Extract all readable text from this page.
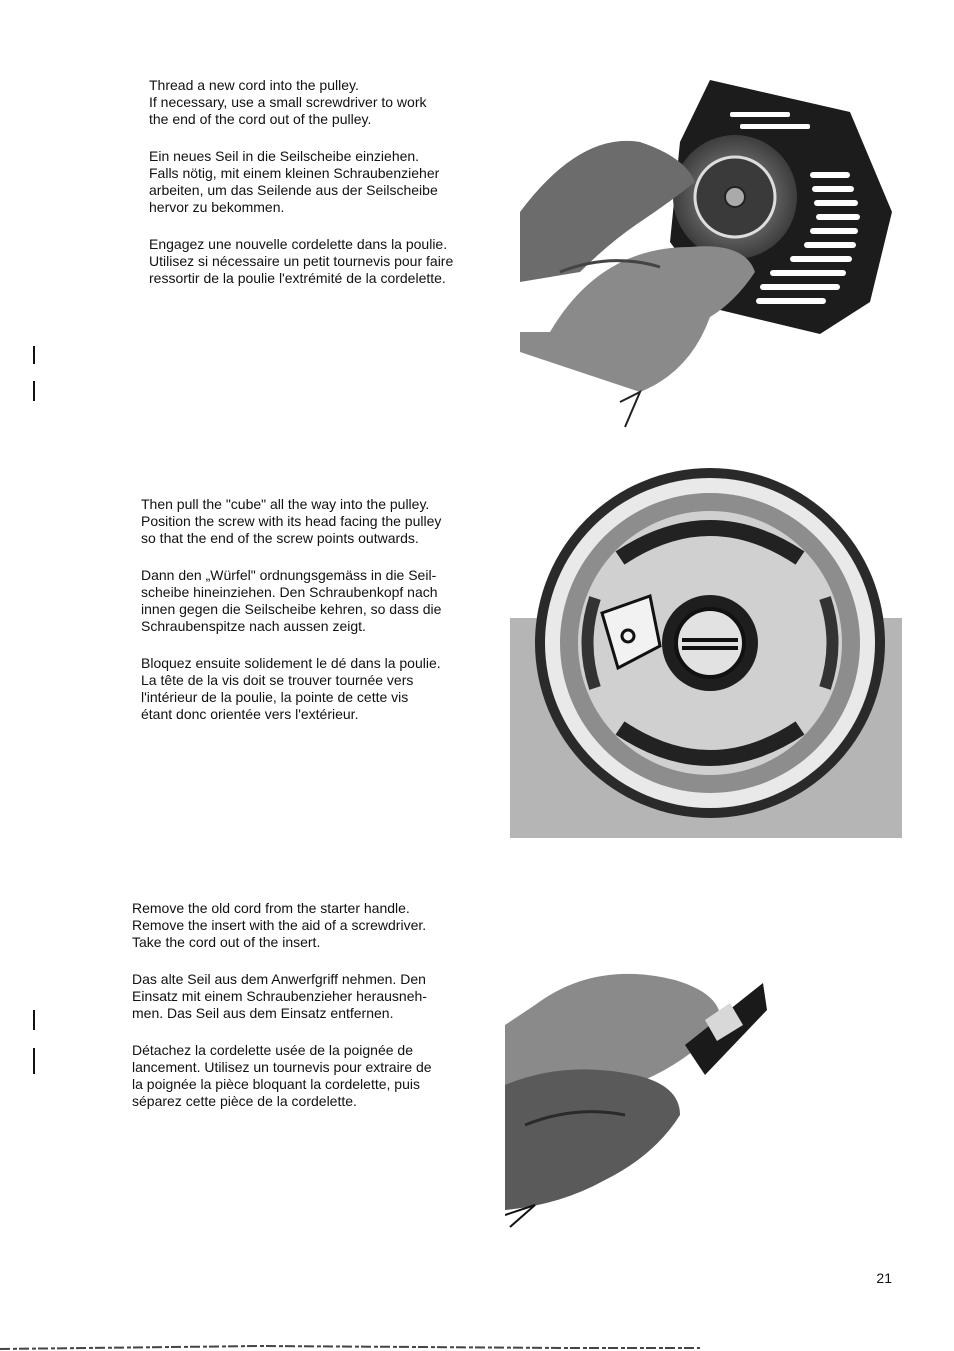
Thread a new cord into the pulley.

If necessary, use a small screwdriver to work

the end of the cord out of the pulley.

Ein neues Seil in die Seilscheibe einziehen.

Falls nötig, mit einem kleinen Schraubenzieher

arbeiten, um das Seilende aus der Seilscheibe

hervor zu bekommen.

Engagez une nouvelle cordelette dans la poulie.

Utilisez si nécessaire un petit tournevis pour faire

ressortir de la poulie l'extrémité de la cordelette.

Then pull the "cube" all the way into the pulley.

Position the screw with its head facing the pulley

so that the end of the screw points outwards.

Dann den „Würfel" ordnungsgemäss in die Seil-

scheibe hineinziehen. Den Schraubenkopf nach

innen gegen die Seilscheibe kehren, so dass die

Schraubenspitze nach aussen zeigt.

Bloquez ensuite solidement le dé dans la poulie.

La tête de la vis doit se trouver tournée vers

l'intérieur de la poulie, la pointe de cette vis

étant donc orientée vers l'extérieur.

Remove the old cord from the starter handle.

Remove the insert with the aid of a screwdriver.

Take the cord out of the insert.

Das alte Seil aus dem Anwerfgriff nehmen. Den

Einsatz mit einem Schraubenzieher herausneh-

men. Das Seil aus dem Einsatz entfernen.

Détachez la cordelette usée de la poignée de

lancement. Utilisez un tournevis pour extraire de

la poignée la pièce bloquant la cordelette, puis

séparez cette pièce de la cordelette.

21
